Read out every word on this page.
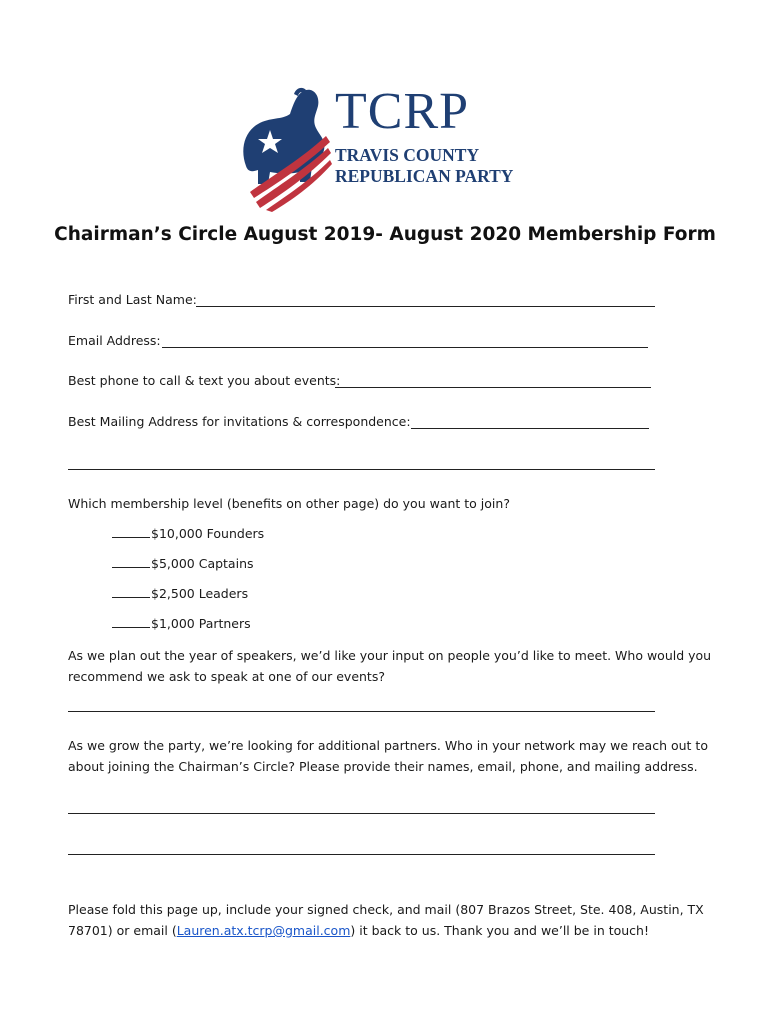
TCRP
TRAVIS COUNTY
REPUBLICAN PARTY
Chairman’s Circle August 2019- August 2020 Membership Form
First and Last Name:
Email Address:
Best phone to call & text you about events:
Best Mailing Address for invitations & correspondence:
Which membership level (benefits on other page) do you want to join?
$10,000 Founders
$5,000 Captains
$2,500 Leaders
$1,000 Partners
As we plan out the year of speakers, we’d like your input on people you’d like to meet. Who would you
recommend we ask to speak at one of our events?
As we grow the party, we’re looking for additional partners. Who in your network may we reach out to
about joining the Chairman’s Circle? Please provide their names, email, phone, and mailing address.
Please fold this page up, include your signed check, and mail (807 Brazos Street, Ste. 408, Austin, TX
78701) or email (Lauren.atx.tcrp@gmail.com) it back to us. Thank you and we’ll be in touch!
